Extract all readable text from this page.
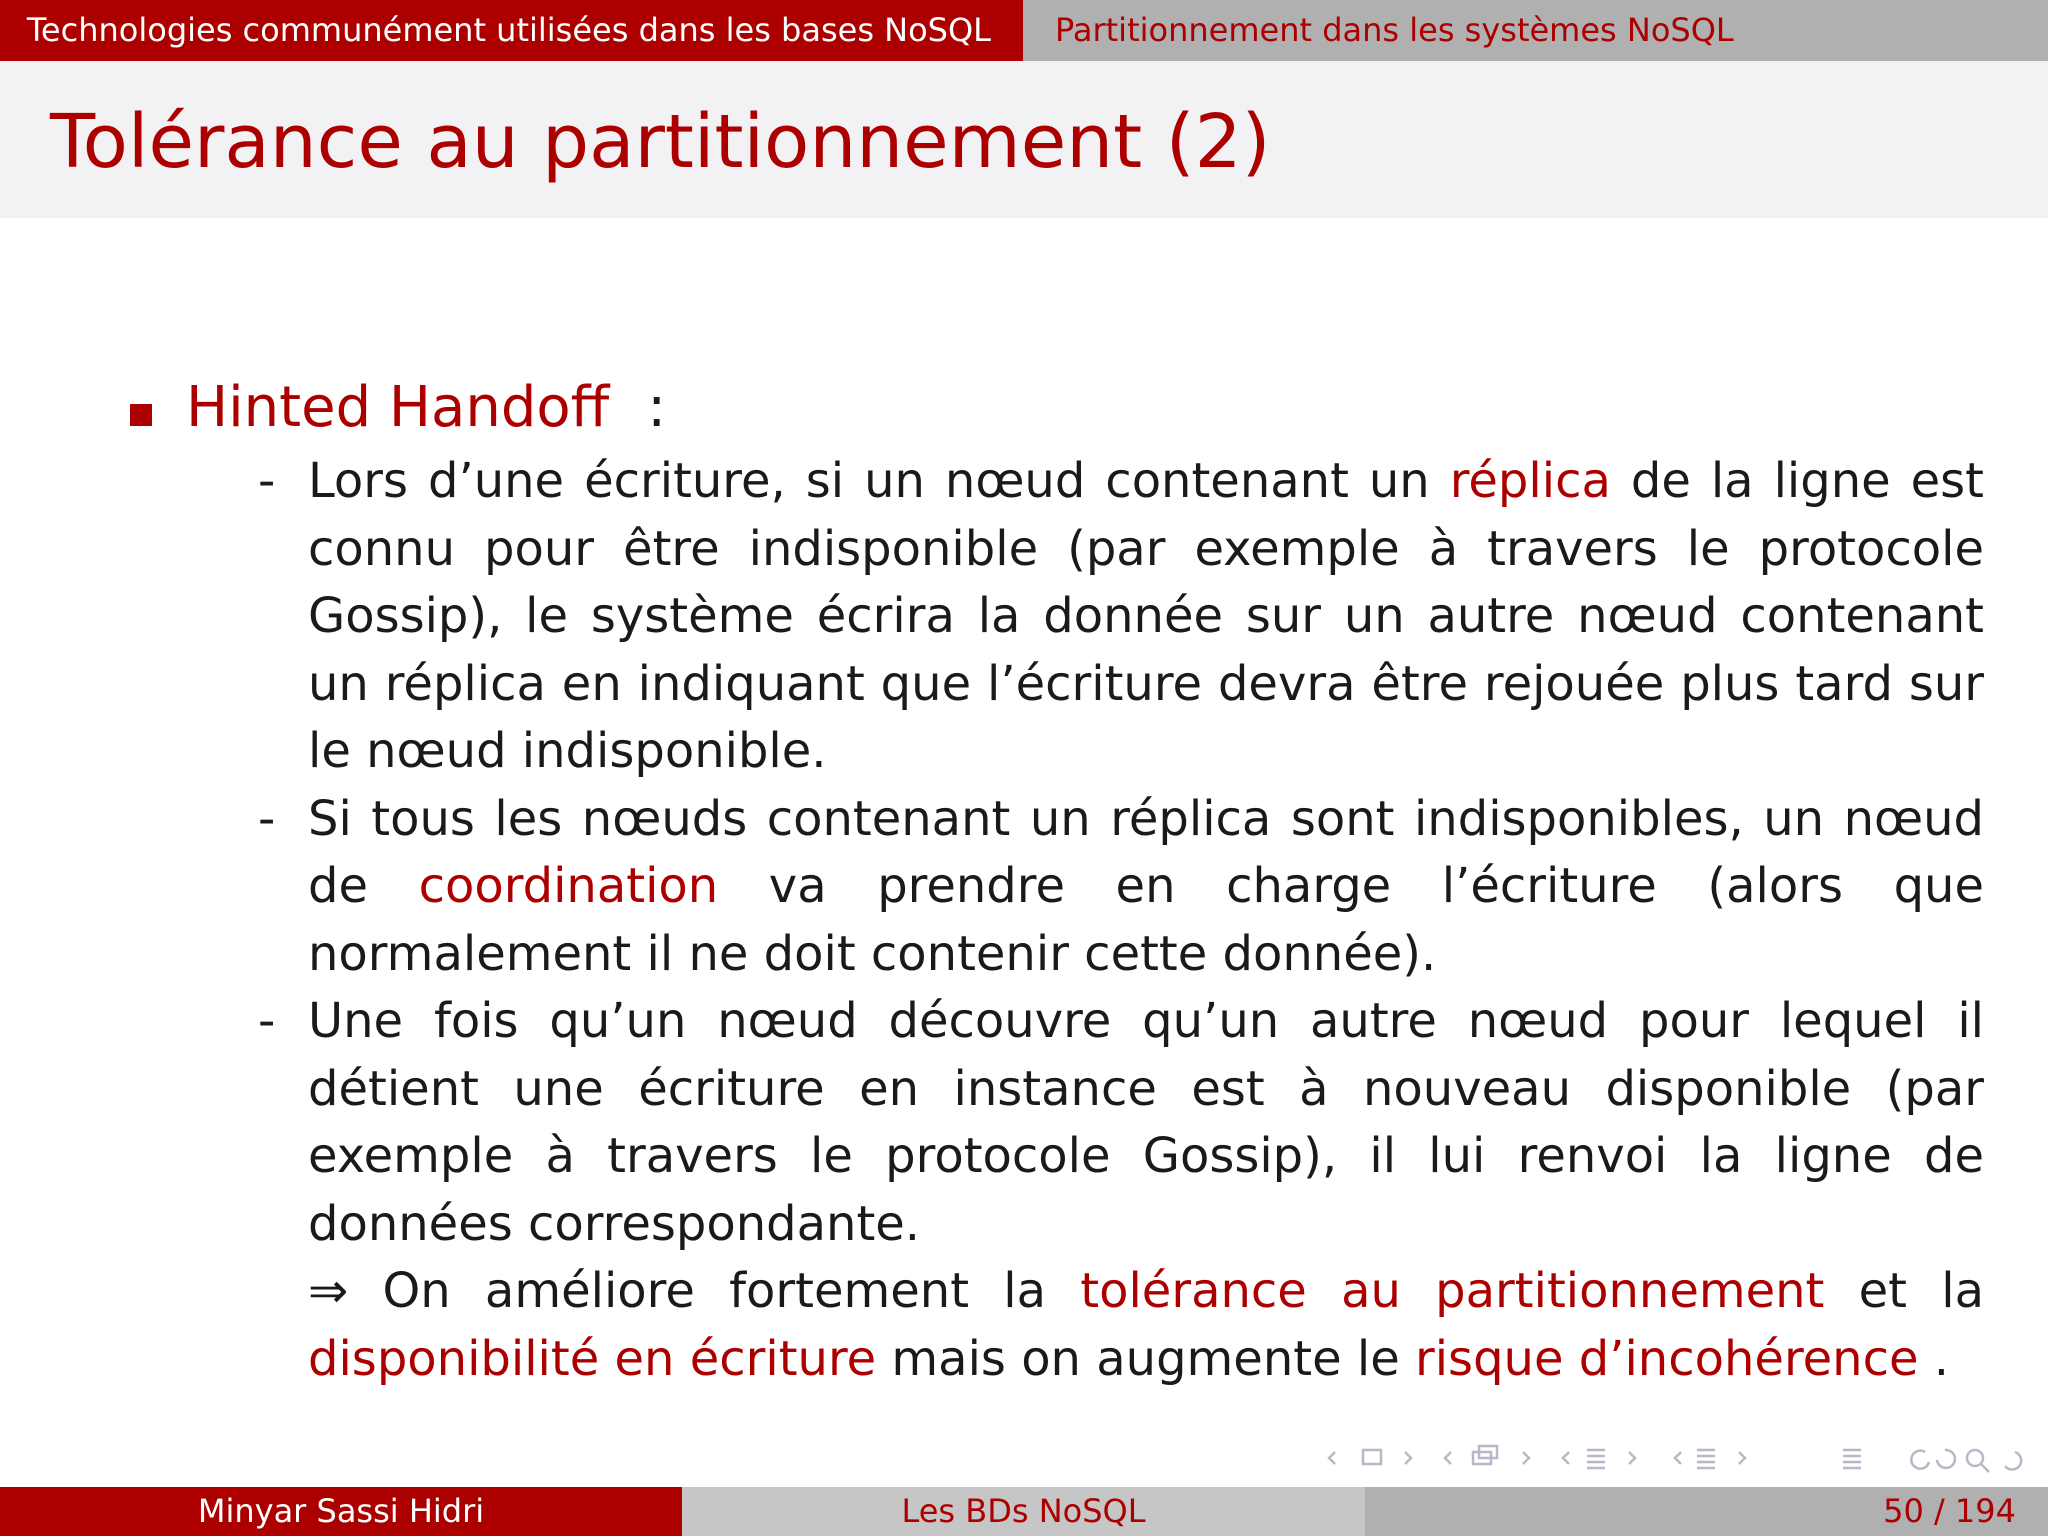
Technologies communément utilisées dans les bases NoSQL	Partitionnement dans les systèmes NoSQL
Tolérance au partitionnement (2)
Hinted Handoff :
- Lors d’une écriture, si un nœud contenant un réplica de la ligne est connu pour être indisponible (par exemple à travers le protocole Gossip), le système écrira la donnée sur un autre nœud contenant un réplica en indiquant que l’écriture devra être rejouée plus tard sur le nœud indisponible.

- Si tous les nœuds contenant un réplica sont indisponibles, un nœud de coordination va prendre en charge l’écriture (alors que normalement il ne doit contenir cette donnée).

- Une fois qu’un nœud découvre qu’un autre nœud pour lequel il détient une écriture en instance est à nouveau disponible (par exemple à travers le protocole Gossip), il lui renvoi la ligne de données correspondante.

⇒ On améliore fortement la tolérance au partitionnement et la disponibilité en écriture mais on augmente le risque d’incohérence .

Minyar Sassi Hidri	Les BDs NoSQL	50 / 194
